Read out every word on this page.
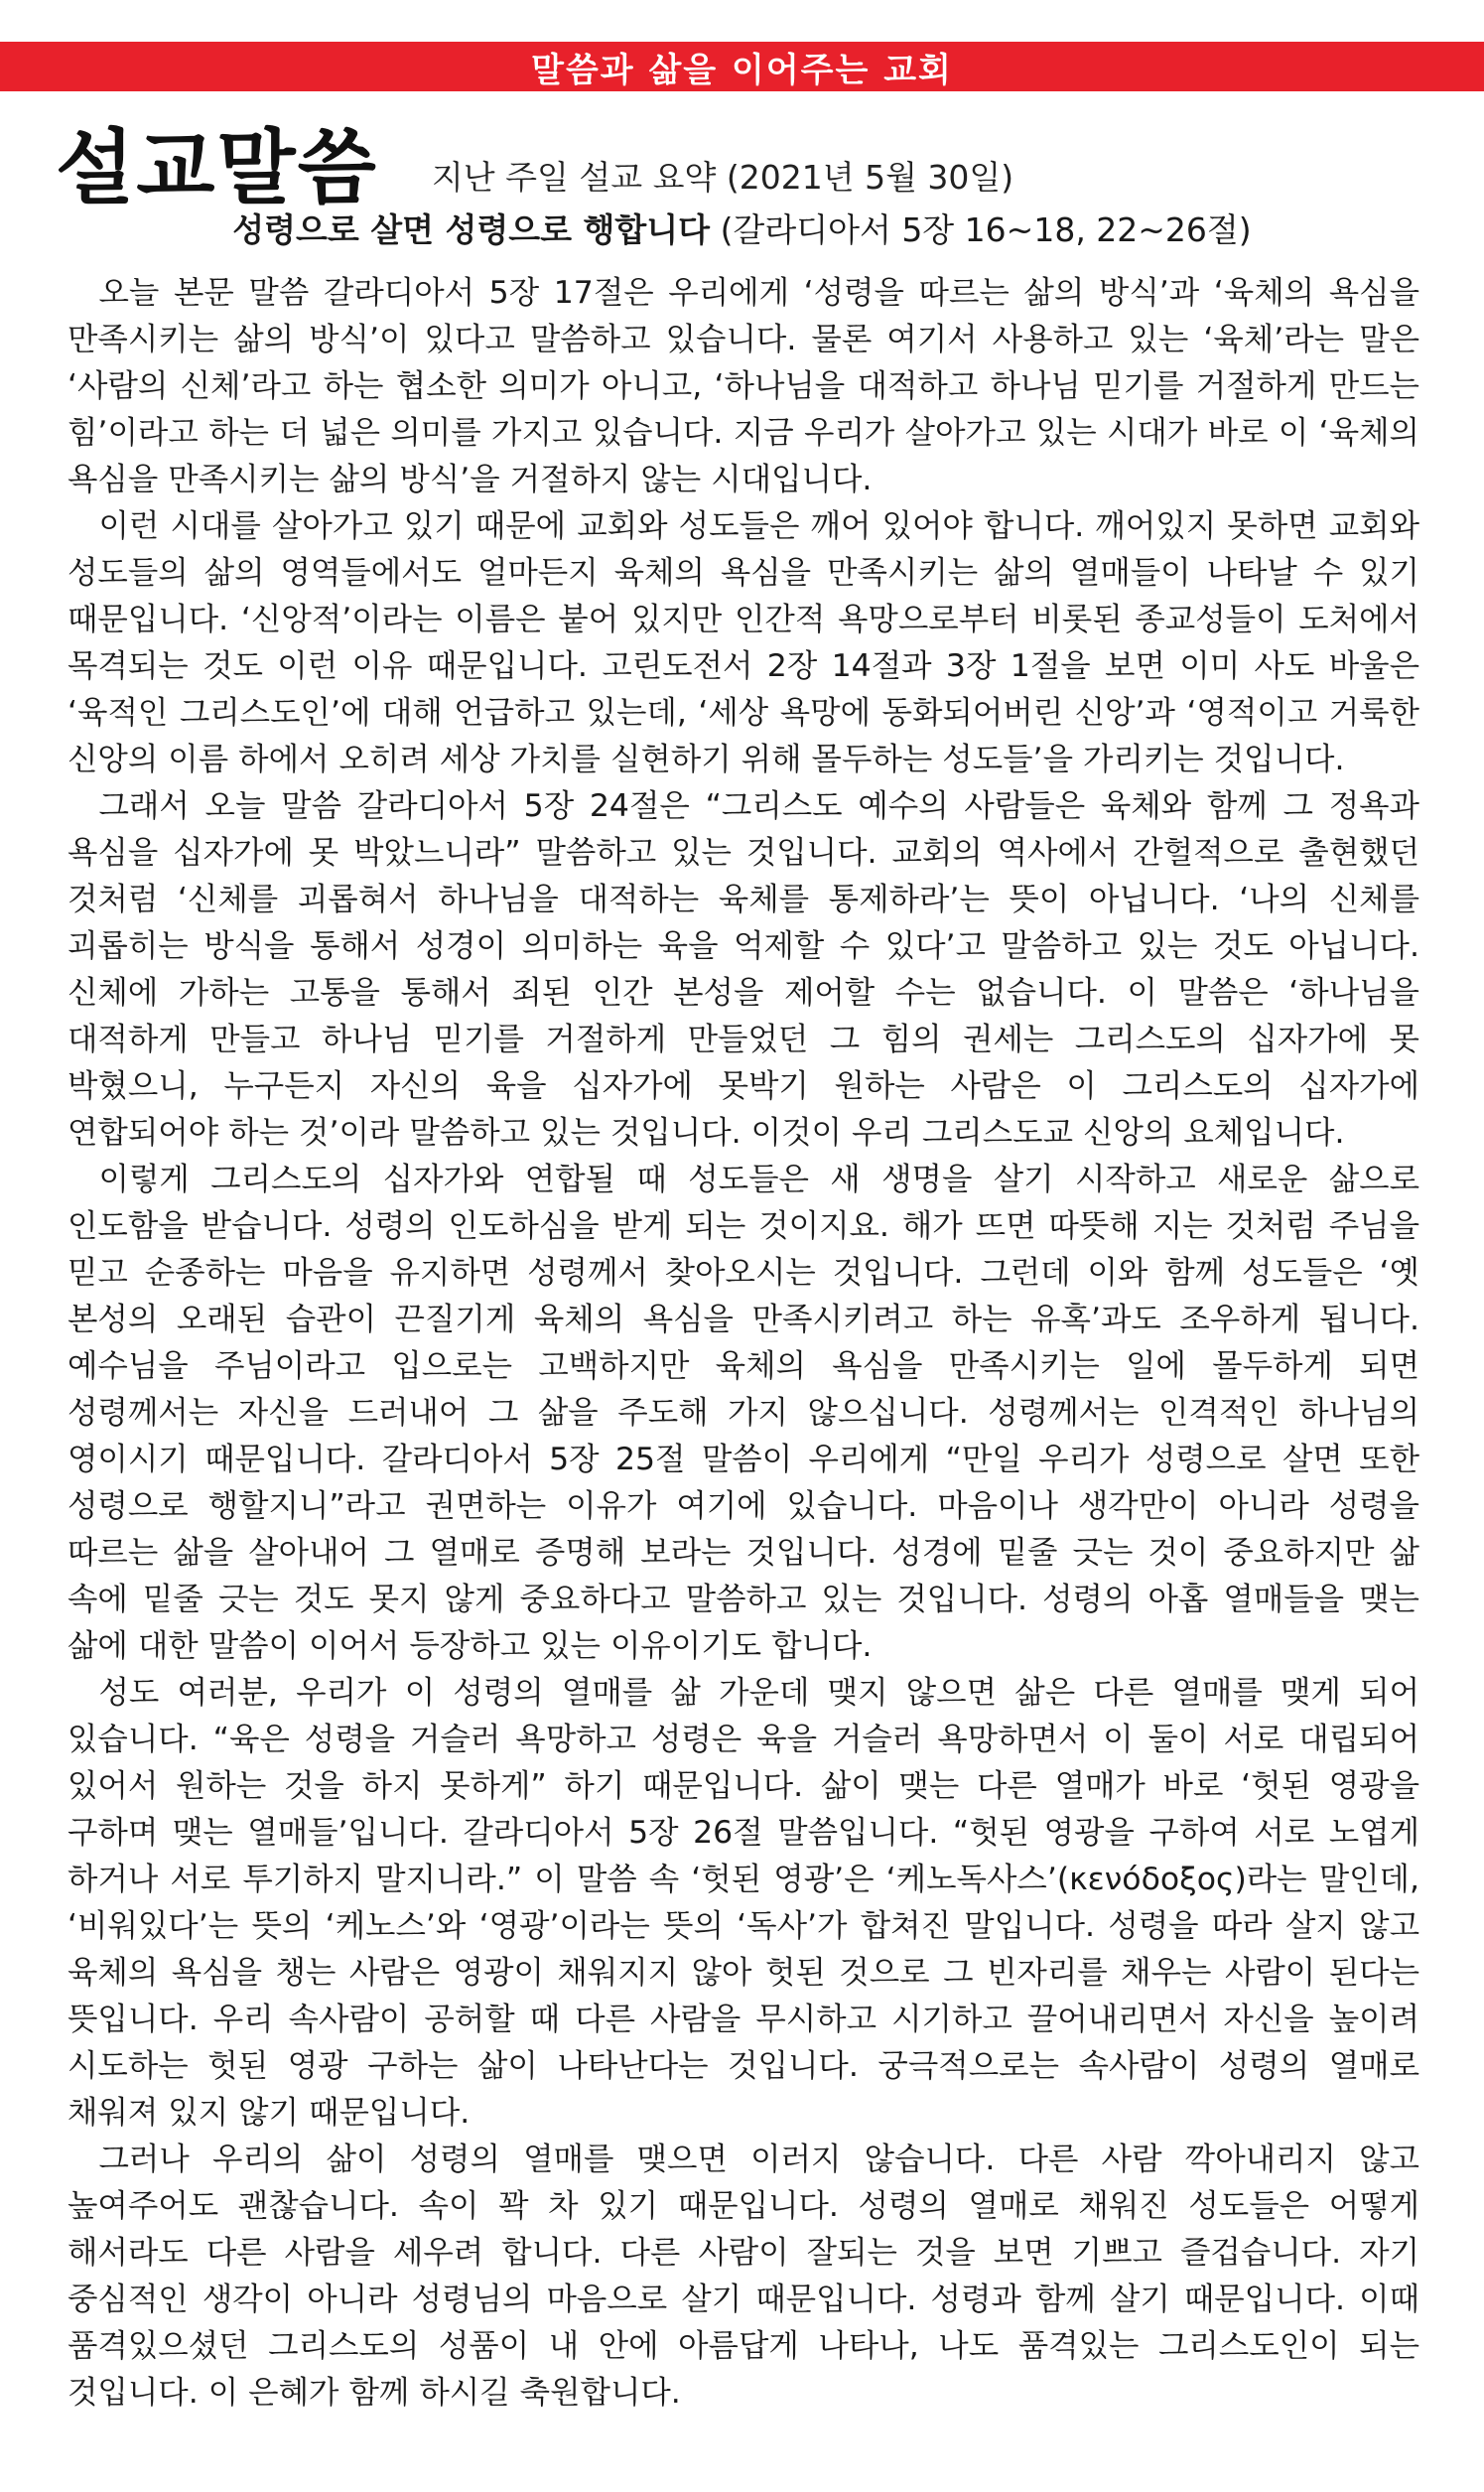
말씀과 삶을 이어주는 교회
설교말씀 지난 주일 설교 요약 (2021년 5월 30일)
성령으로 살면 성령으로 행합니다 (갈라디아서 5장 16~18, 22~26절)

오늘 본문 말씀 갈라디아서 5장 17절은 우리에게 ‘성령을 따르는 삶의 방식’과 ‘육체의 욕심을 만족시키는 삶의 방식’이 있다고 말씀하고 있습니다. 물론 여기서 사용하고 있는 ‘육체’라는 말은 ‘사람의 신체’라고 하는 협소한 의미가 아니고, ‘하나님을 대적하고 하나님 믿기를 거절하게 만드는 힘’이라고 하는 더 넓은 의미를 가지고 있습니다. 지금 우리가 살아가고 있는 시대가 바로 이 ‘육체의 욕심을 만족시키는 삶의 방식’을 거절하지 않는 시대입니다.

이런 시대를 살아가고 있기 때문에 교회와 성도들은 깨어 있어야 합니다. 깨어있지 못하면 교회와 성도들의 삶의 영역들에서도 얼마든지 육체의 욕심을 만족시키는 삶의 열매들이 나타날 수 있기 때문입니다. ‘신앙적’이라는 이름은 붙어 있지만 인간적 욕망으로부터 비롯된 종교성들이 도처에서 목격되는 것도 이런 이유 때문입니다. 고린도전서 2장 14절과 3장 1절을 보면 이미 사도 바울은 ‘육적인 그리스도인’에 대해 언급하고 있는데, ‘세상 욕망에 동화되어버린 신앙’과 ‘영적이고 거룩한 신앙의 이름 하에서 오히려 세상 가치를 실현하기 위해 몰두하는 성도들’을 가리키는 것입니다.

그래서 오늘 말씀 갈라디아서 5장 24절은 “그리스도 예수의 사람들은 육체와 함께 그 정욕과 욕심을 십자가에 못 박았느니라” 말씀하고 있는 것입니다. 교회의 역사에서 간헐적으로 출현했던 것처럼 ‘신체를 괴롭혀서 하나님을 대적하는 육체를 통제하라’는 뜻이 아닙니다. ‘나의 신체를 괴롭히는 방식을 통해서 성경이 의미하는 육을 억제할 수 있다’고 말씀하고 있는 것도 아닙니다. 신체에 가하는 고통을 통해서 죄된 인간 본성을 제어할 수는 없습니다. 이 말씀은 ‘하나님을 대적하게 만들고 하나님 믿기를 거절하게 만들었던 그 힘의 권세는 그리스도의 십자가에 못 박혔으니, 누구든지 자신의 육을 십자가에 못박기 원하는 사람은 이 그리스도의 십자가에 연합되어야 하는 것’이라 말씀하고 있는 것입니다. 이것이 우리 그리스도교 신앙의 요체입니다.

이렇게 그리스도의 십자가와 연합될 때 성도들은 새 생명을 살기 시작하고 새로운 삶으로 인도함을 받습니다. 성령의 인도하심을 받게 되는 것이지요. 해가 뜨면 따뜻해 지는 것처럼 주님을 믿고 순종하는 마음을 유지하면 성령께서 찾아오시는 것입니다. 그런데 이와 함께 성도들은 ‘옛 본성의 오래된 습관이 끈질기게 육체의 욕심을 만족시키려고 하는 유혹’과도 조우하게 됩니다. 예수님을 주님이라고 입으로는 고백하지만 육체의 욕심을 만족시키는 일에 몰두하게 되면 성령께서는 자신을 드러내어 그 삶을 주도해 가지 않으십니다. 성령께서는 인격적인 하나님의 영이시기 때문입니다. 갈라디아서 5장 25절 말씀이 우리에게 “만일 우리가 성령으로 살면 또한 성령으로 행할지니”라고 권면하는 이유가 여기에 있습니다. 마음이나 생각만이 아니라 성령을 따르는 삶을 살아내어 그 열매로 증명해 보라는 것입니다. 성경에 밑줄 긋는 것이 중요하지만 삶 속에 밑줄 긋는 것도 못지 않게 중요하다고 말씀하고 있는 것입니다. 성령의 아홉 열매들을 맺는 삶에 대한 말씀이 이어서 등장하고 있는 이유이기도 합니다.

성도 여러분, 우리가 이 성령의 열매를 삶 가운데 맺지 않으면 삶은 다른 열매를 맺게 되어 있습니다. “육은 성령을 거슬러 욕망하고 성령은 육을 거슬러 욕망하면서 이 둘이 서로 대립되어 있어서 원하는 것을 하지 못하게” 하기 때문입니다. 삶이 맺는 다른 열매가 바로 ‘헛된 영광을 구하며 맺는 열매들’입니다. 갈라디아서 5장 26절 말씀입니다. “헛된 영광을 구하여 서로 노엽게 하거나 서로 투기하지 말지니라.” 이 말씀 속 ‘헛된 영광’은 ‘케노독사스’(κενόδοξος)라는 말인데, ‘비워있다’는 뜻의 ‘케노스’와 ‘영광’이라는 뜻의 ‘독사’가 합쳐진 말입니다. 성령을 따라 살지 않고 육체의 욕심을 챙는 사람은 영광이 채워지지 않아 헛된 것으로 그 빈자리를 채우는 사람이 된다는 뜻입니다. 우리 속사람이 공허할 때 다른 사람을 무시하고 시기하고 끌어내리면서 자신을 높이려 시도하는 헛된 영광 구하는 삶이 나타난다는 것입니다. 궁극적으로는 속사람이 성령의 열매로 채워져 있지 않기 때문입니다.

그러나 우리의 삶이 성령의 열매를 맺으면 이러지 않습니다. 다른 사람 깍아내리지 않고 높여주어도 괜찮습니다. 속이 꽉 차 있기 때문입니다. 성령의 열매로 채워진 성도들은 어떻게 해서라도 다른 사람을 세우려 합니다. 다른 사람이 잘되는 것을 보면 기쁘고 즐겁습니다. 자기 중심적인 생각이 아니라 성령님의 마음으로 살기 때문입니다. 성령과 함께 살기 때문입니다. 이때 품격있으셨던 그리스도의 성품이 내 안에 아름답게 나타나, 나도 품격있는 그리스도인이 되는 것입니다. 이 은혜가 함께 하시길 축원합니다.
